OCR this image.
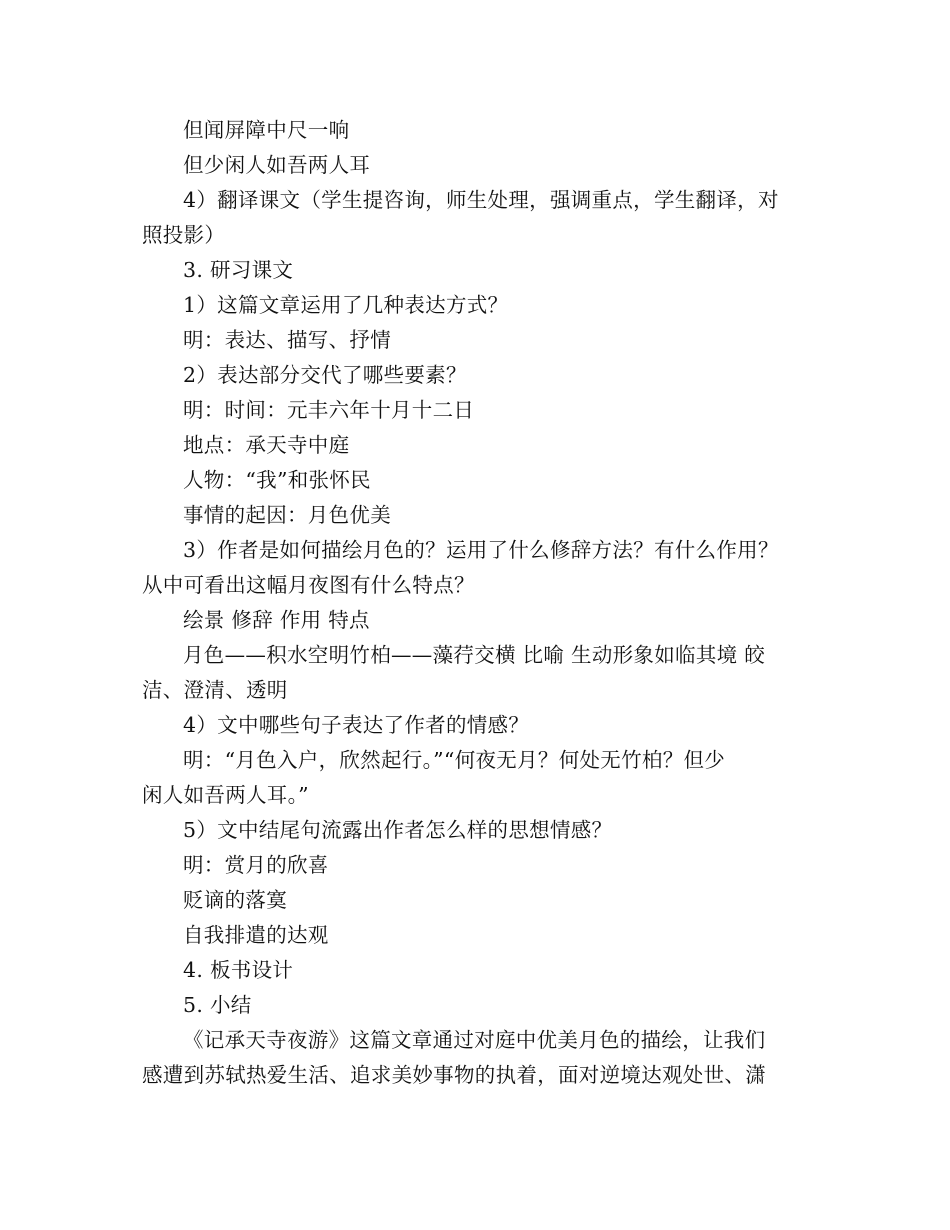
但闻屏障中尺一响
但少闲人如吾两人耳
4）翻译课文（学生提咨询，师生处理，强调重点，学生翻译，对
照投影）
3. 研习课文
1）这篇文章运用了几种表达方式？
明：表达、描写、抒情
2）表达部分交代了哪些要素？
明：时间：元丰六年十月十二日
地点：承天寺中庭
人物：“我”和张怀民
事情的起因：月色优美
3）作者是如何描绘月色的？运用了什么修辞方法？有什么作用？
从中可看出这幅月夜图有什么特点？
绘景 修辞 作用 特点
月色——积水空明竹柏——藻荇交横 比喻 生动形象如临其境 皎
洁、澄清、透明
4）文中哪些句子表达了作者的情感？
明：“月色入户，欣然起行。”“何夜无月？何处无竹柏？但少
闲人如吾两人耳。”
5）文中结尾句流露出作者怎么样的思想情感？
明：赏月的欣喜
贬谪的落寞
自我排遣的达观
4. 板书设计
5. 小结
《记承天寺夜游》这篇文章通过对庭中优美月色的描绘，让我们
感遭到苏轼热爱生活、追求美妙事物的执着，面对逆境达观处世、潇
